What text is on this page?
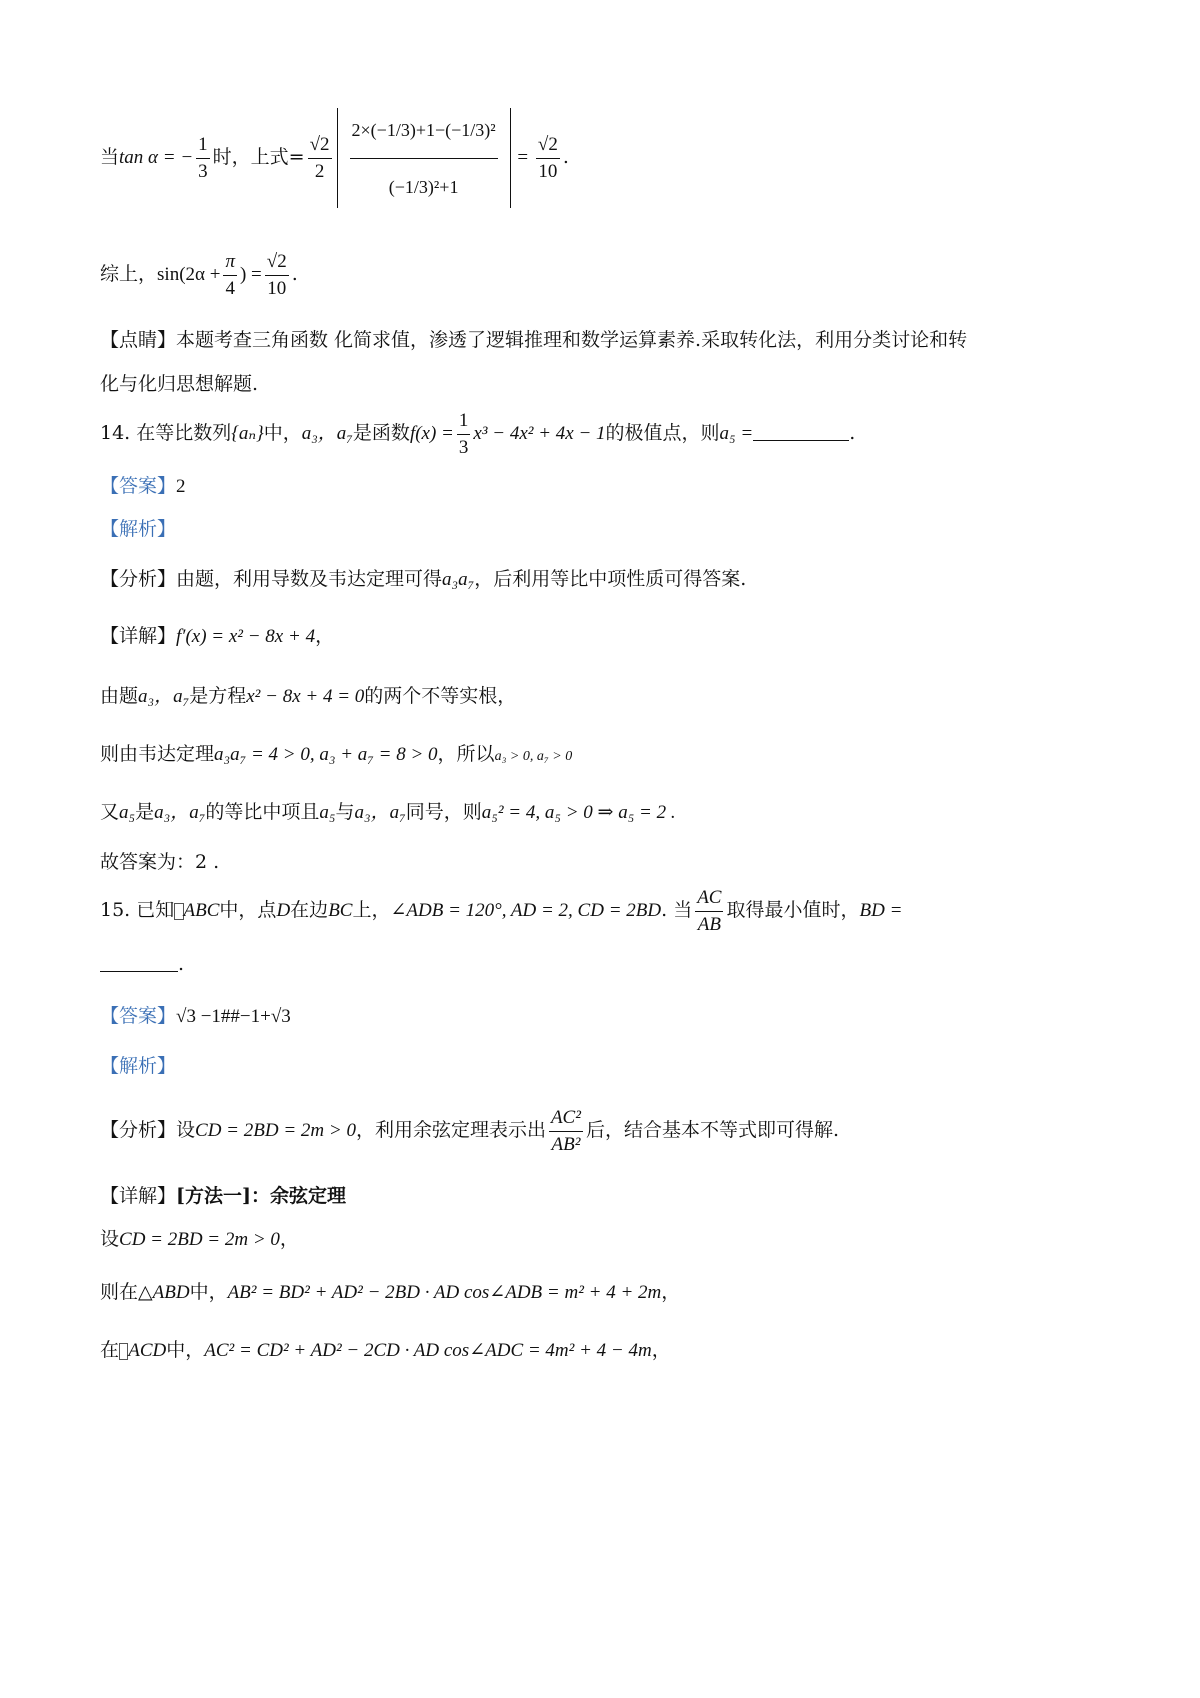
当tan α = − $\frac{1}{3}$ 时，上式= $\frac{√2}{2} \frac{\text{2×(−1/3)+1−(−1/3)²}}{\text{(−1/3)²+1}} = \frac{√2}{10}$ .
综上，$\sin(2\alpha + \frac{\pi}{4}$ ) = $\frac{√2}{10}$ .
【点睛】本题考查三角函数 化简求值，渗透了逻辑推理和数学运算素养.采取转化法，利用分类讨论和转
化与化归思想解题.
14. 在等比数列{aₙ}中，a₃，a₇是函数$f(x) = \frac{1}{3} x^3 - 4x^2 + 4x - 1$的极值点，则a₅ =	.
【答案】2
【解析】
【分析】由题，利用导数及韦达定理可得a₃a₇，后利用等比中项性质可得答案.
【详解】f′(x) = x² − 8x + 4，
由题a₃，a₇是方程x² − 8x + 4 = 0的两个不等实根，
则由韦达定理a₃a₇ = 4 > 0, a₃ + a₇ = 8 > 0，所以a₃ > 0, a₇ > 0
又a₅是a₃，a₇的等比中项且a₅与a₃，a₇同号，则a₅² = 4, a₅ > 0 ⇒ a₅ = 2 .
故答案为：2 .
15. 已知 ABC中，点D在边BC上，∠ADB = 120°, AD = 2, CD = 2BD. 当 $\frac{AC}{AB}$ 取得最小值时，BD =
.
【答案】√3 −1##−1+√3
【解析】
【分析】设CD = 2BD = 2m > 0，利用余弦定理表示出 $\frac{\text{AC²}}{\text{AB²}}$ 后，结合基本不等式即可得解.
【详解】[方法一]：余弦定理
设CD = 2BD = 2m > 0，
则在△ABD中，AB² = BD² + AD² − 2BD · AD cos∠ADB = m² + 4 + 2m，
在 ACD中，AC² = CD² + AD² − 2CD · AD cos∠ADC = 4m² + 4 − 4m，
